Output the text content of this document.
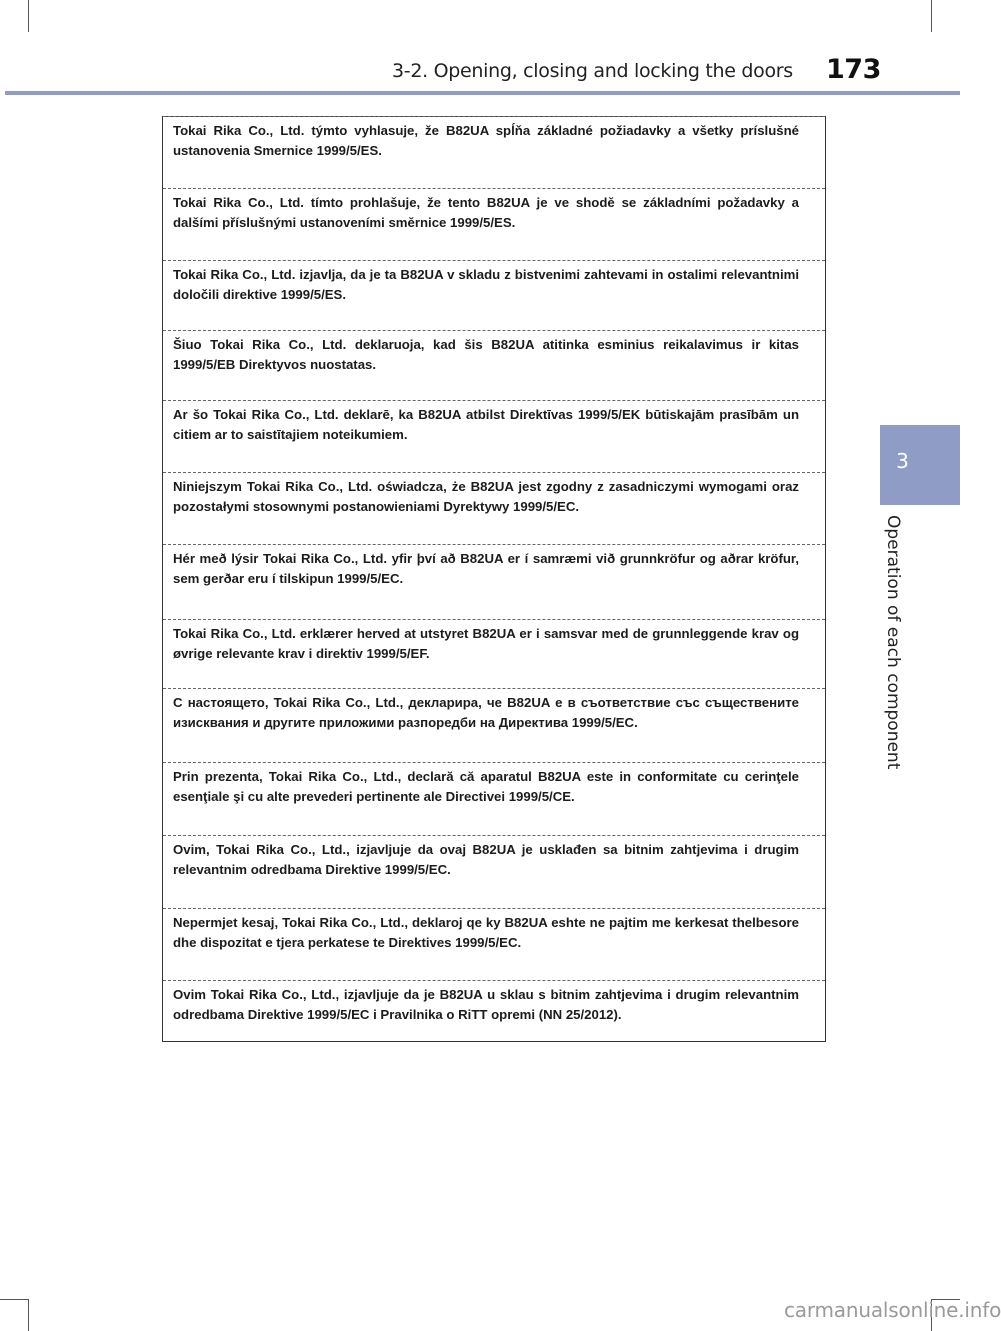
3-2. Opening, closing and locking the doors 173
3
Operation of each component
Tokai Rika Co., Ltd. týmto vyhlasuje, že B82UA spĺňa základné požiadavky a všetky príslušné ustanovenia Smernice 1999/5/ES.
Tokai Rika Co., Ltd. tímto prohlašuje, že tento B82UA je ve shodě se základními požadavky a dalšími příslušnými ustanoveními směrnice 1999/5/ES.
Tokai Rika Co., Ltd. izjavlja, da je ta B82UA v skladu z bistvenimi zahtevami in ostalimi relevantnimi določili direktive 1999/5/ES.
Šiuo Tokai Rika Co., Ltd. deklaruoja, kad šis B82UA atitinka esminius reikalavimus ir kitas 1999/5/EB Direktyvos nuostatas.
Ar šo Tokai Rika Co., Ltd. deklarē, ka B82UA atbilst Direktīvas 1999/5/EK būtiskajām prasībām un citiem ar to saistītajiem noteikumiem.
Niniejszym Tokai Rika Co., Ltd. oświadcza, że B82UA jest zgodny z zasadniczymi wymogami oraz pozostałymi stosownymi postanowieniami Dyrektywy 1999/5/EC.
Hér með lýsir Tokai Rika Co., Ltd. yfir því að B82UA er í samræmi við grunnkröfur og aðrar kröfur, sem gerðar eru í tilskipun 1999/5/EC.
Tokai Rika Co., Ltd. erklærer herved at utstyret B82UA er i samsvar med de grunnleggende krav og øvrige relevante krav i direktiv 1999/5/EF.
С настоящето, Tokai Rika Co., Ltd., декларира, че B82UA е в съответствие със съществените изисквания и другите приложими разпоредби на Директива 1999/5/ЕС.
Prin prezenta, Tokai Rika Co., Ltd., declară că aparatul B82UA este in conformitate cu cerinţele esenţiale şi cu alte prevederi pertinente ale Directivei 1999/5/CE.
Ovim, Tokai Rika Co., Ltd., izjavljuje da ovaj B82UA je usklađen sa bitnim zahtjevima i drugim relevantnim odredbama Direktive 1999/5/EC.
Nepermjet kesaj, Tokai Rika Co., Ltd., deklaroj qe ky B82UA eshte ne pajtim me kerkesat thelbesore dhe dispozitat e tjera perkatese te Direktives 1999/5/EC.
Ovim Tokai Rika Co., Ltd., izjavljuje da je B82UA u sklau s bitnim zahtjevima i drugim relevantnim odredbama Direktive 1999/5/EC i Pravilnika o RiTT opremi (NN 25/2012).
carmanualsonline.info
